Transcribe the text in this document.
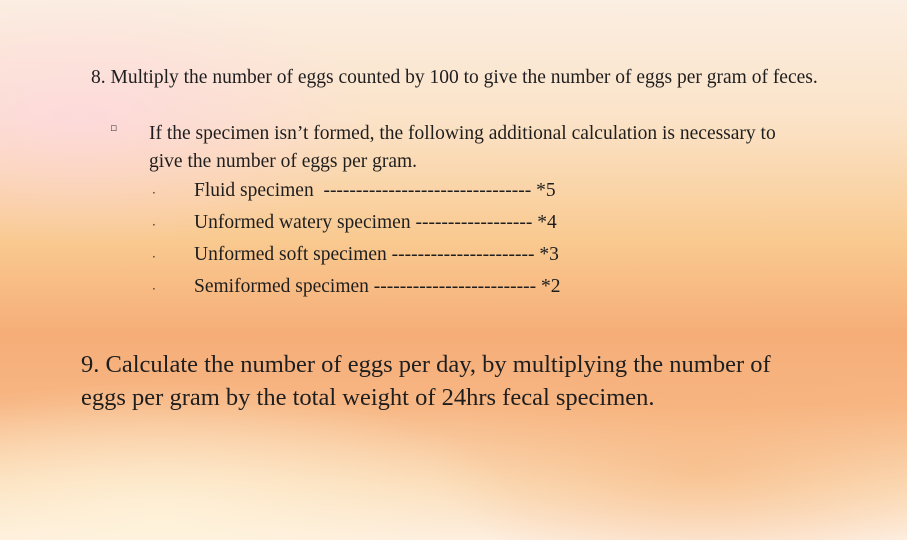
8. Multiply the number of eggs counted by 100 to give the number of eggs per gram of feces.

▫ If the specimen isn’t formed, the following additional calculation is necessary to give the number of eggs per gram.
· Fluid specimen  -------------------------------- *5
· Unformed watery specimen ------------------ *4
· Unformed soft specimen ---------------------- *3
· Semiformed specimen ------------------------- *2

9. Calculate the number of eggs per day, by multiplying the number of eggs per gram by the total weight of 24hrs fecal specimen.
